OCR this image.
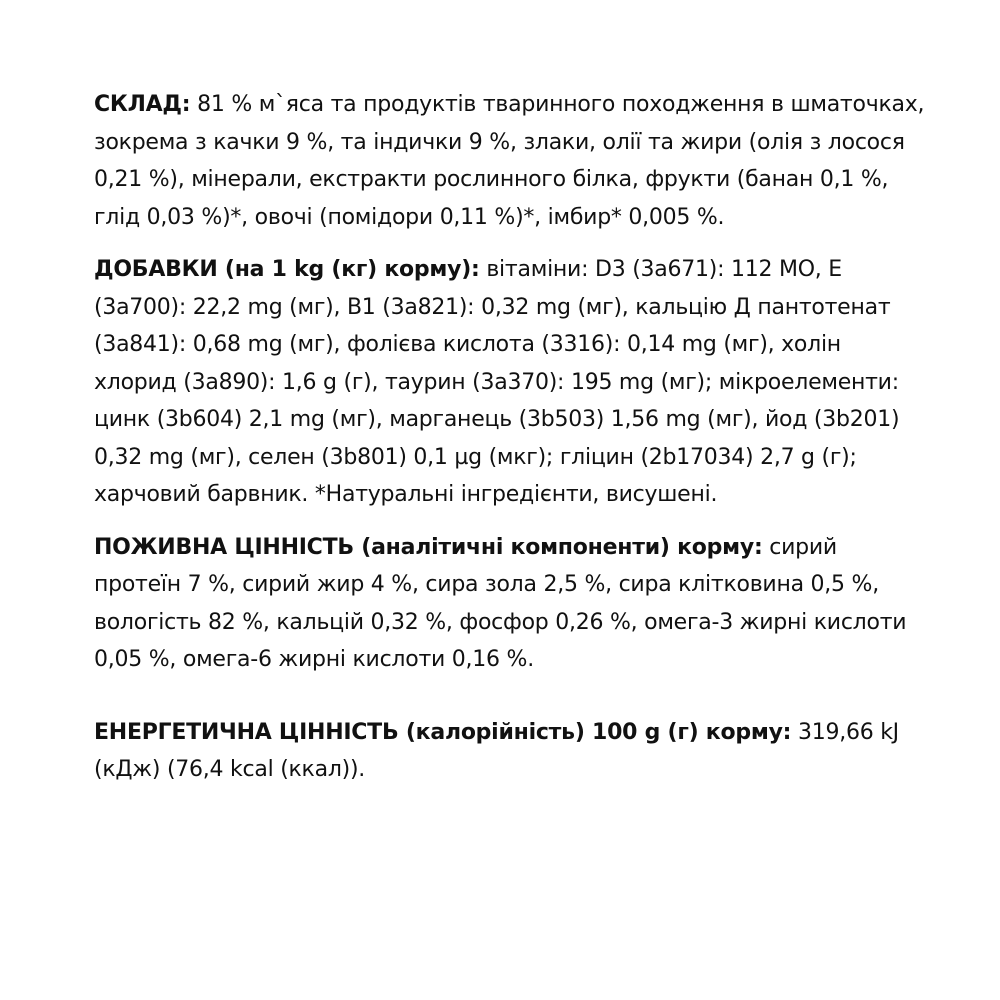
СКЛАД: 81 % м`яса та продуктів тваринного походження в шматочках, зокрема з качки 9 %, та індички 9 %, злаки, олії та жири (олія з лосося 0,21 %), мінерали, екстракти рослинного білка, фрукти (банан 0,1 %, глід 0,03 %)*, овочі (помідори 0,11 %)*, імбир* 0,005 %.

ДОБАВКИ (на 1 kg (кг) корму): вітаміни: D3 (3a671): 112 МО, E (3a700): 22,2 mg (мг), B1 (3a821): 0,32 mg (мг), кальцію Д пантотенат (3a841): 0,68 mg (мг), фолієва кислота (3316): 0,14 mg (мг), холін хлорид (3a890): 1,6 g (г), таурин (3a370): 195 mg (мг); мікроелементи: цинк (3b604) 2,1 mg (мг), марганець (3b503) 1,56 mg (мг), йод (3b201) 0,32 mg (мг), селен (3b801) 0,1 µg (мкг); гліцин (2b17034) 2,7 g (г); харчовий барвник. *Натуральні інгредієнти, висушені.

ПОЖИВНА ЦІННІСТЬ (аналітичні компоненти) корму: сирий протеїн 7 %, сирий жир 4 %, сира зола 2,5 %, сира клітковина 0,5 %, вологість 82 %, кальцій 0,32 %, фосфор 0,26 %, омега-3 жирні кислоти 0,05 %, омега-6 жирні кислоти 0,16 %.

ЕНЕРГЕТИЧНА ЦІННІСТЬ (калорійність) 100 g (г) корму: 319,66 kJ (кДж) (76,4 kcal (ккал)).
